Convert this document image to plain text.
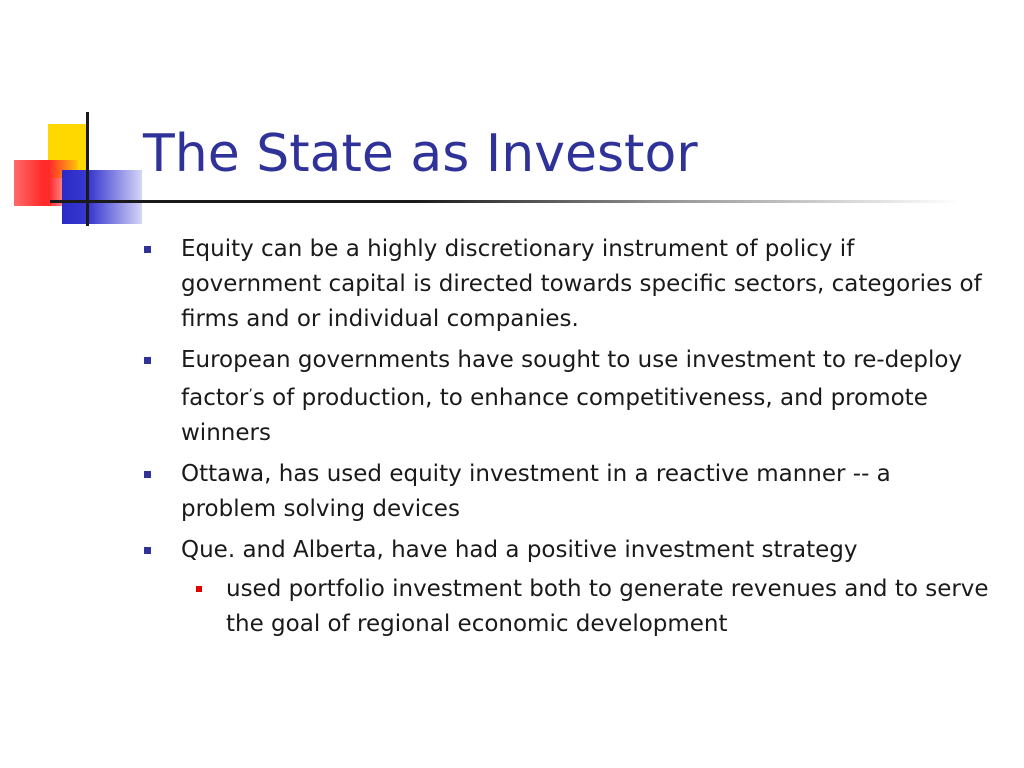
The State as Investor
Equity can be a highly discretionary instrument of policy if government capital is directed towards specific sectors, categories of firms and or individual companies.
European governments have sought to use investment to re-deploy factor’s of production, to enhance competitiveness, and promote winners
Ottawa, has used equity investment in a reactive manner -- a problem solving devices
Que. and Alberta, have had a positive investment strategy
used portfolio investment both to generate revenues and to serve the goal of regional economic development
